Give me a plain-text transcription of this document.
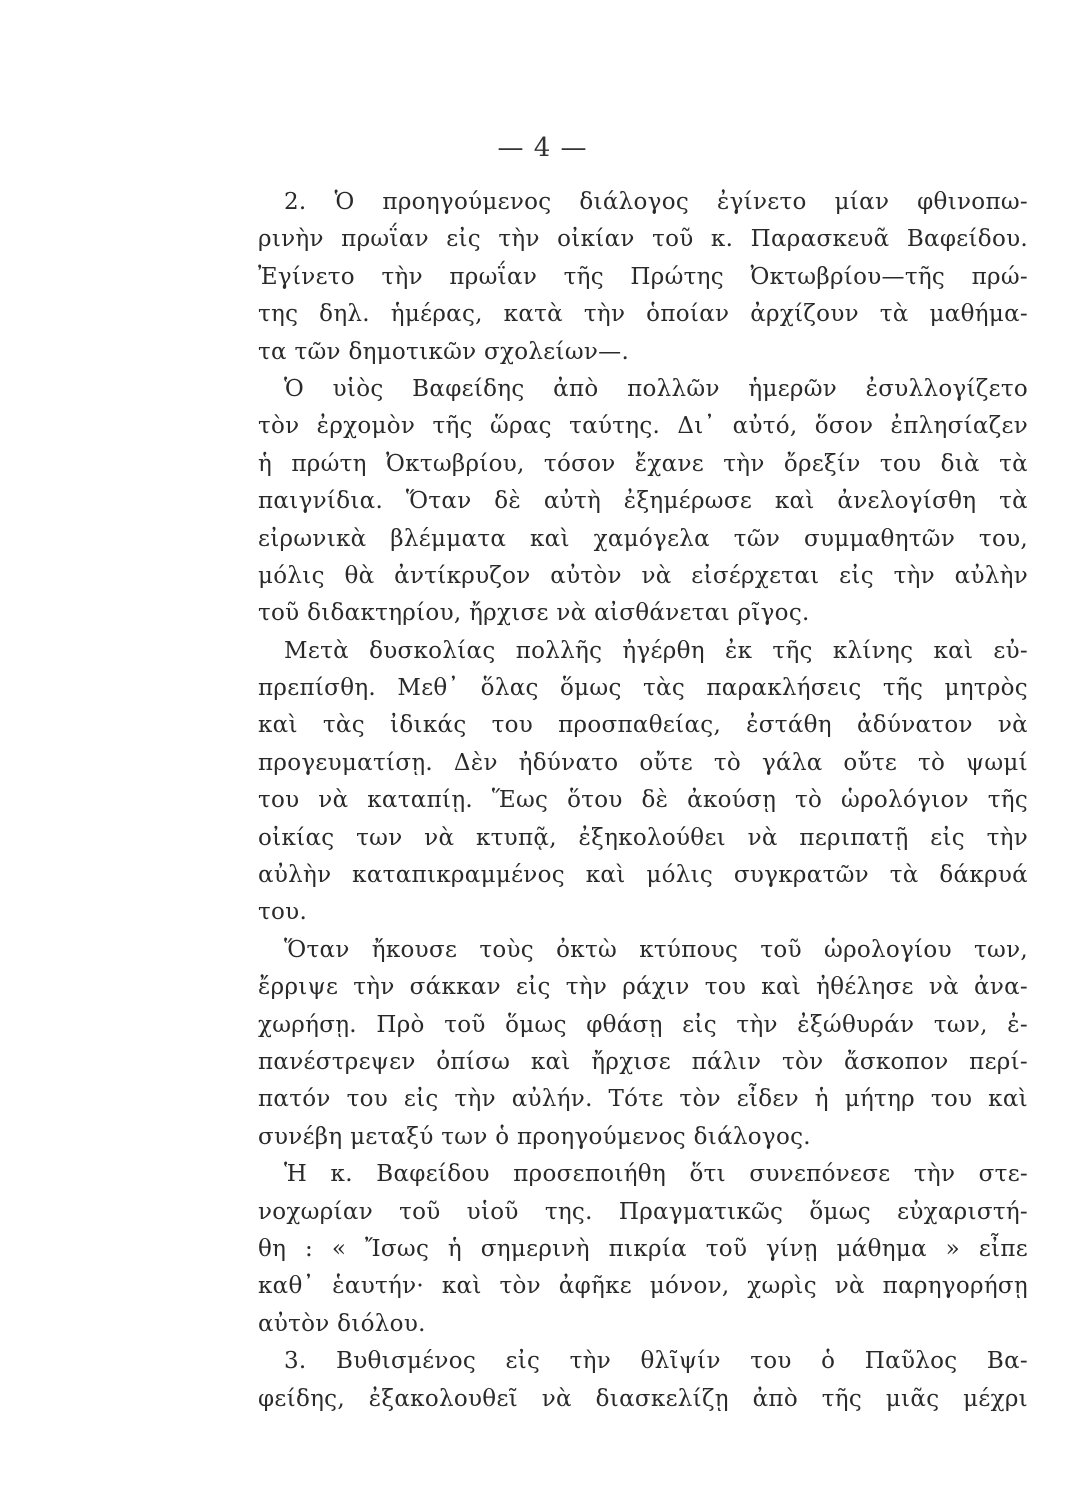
— 4 —
2. Ὁ προηγούμενος διάλογος ἐγίνετο μίαν φθινοπω-
ρινὴν πρωΐαν εἰς τὴν οἰκίαν τοῦ κ. Παρασκευᾶ Βαφείδου.
Ἐγίνετο τὴν πρωΐαν τῆς Πρώτης Ὀκτωβρίου—τῆς πρώ-
της δηλ. ἡμέρας, κατὰ τὴν ὁποίαν ἀρχίζουν τὰ μαθήμα-
τα τῶν δημοτικῶν σχολείων—.
Ὁ υἱὸς Βαφείδης ἀπὸ πολλῶν ἡμερῶν ἐσυλλογίζετο
τὸν ἐρχομὸν τῆς ὥρας ταύτης. Δι᾽ αὐτό, ὅσον ἐπλησίαζεν
ἡ πρώτη Ὀκτωβρίου, τόσον ἔχανε τὴν ὄρεξίν του διὰ τὰ
παιγνίδια. Ὅταν δὲ αὐτὴ ἐξημέρωσε καὶ ἀνελογίσθη τὰ
εἰρωνικὰ βλέμματα καὶ χαμόγελα τῶν συμμαθητῶν του,
μόλις θὰ ἀντίκρυζον αὐτὸν νὰ εἰσέρχεται εἰς τὴν αὐλὴν
τοῦ διδακτηρίου, ἤρχισε νὰ αἰσθάνεται ρῖγος.
Μετὰ δυσκολίας πολλῆς ἠγέρθη ἐκ τῆς κλίνης καὶ εὐ-
πρεπίσθη. Μεθ᾽ ὅλας ὅμως τὰς παρακλήσεις τῆς μητρὸς
καὶ τὰς ἰδικάς του προσπαθείας, ἐστάθη ἀδύνατον νὰ
προγευματίσῃ. Δὲν ἠδύνατο οὔτε τὸ γάλα οὔτε τὸ ψωμί
του νὰ καταπίῃ. Ἕως ὅτου δὲ ἀκούσῃ τὸ ὡρολόγιον τῆς
οἰκίας των νὰ κτυπᾷ, ἐξηκολούθει νὰ περιπατῇ εἰς τὴν
αὐλὴν καταπικραμμένος καὶ μόλις συγκρατῶν τὰ δάκρυά
του.
Ὅταν ἤκουσε τοὺς ὀκτὼ κτύπους τοῦ ὡρολογίου των,
ἔρριψε τὴν σάκκαν εἰς τὴν ράχιν του καὶ ἠθέλησε νὰ ἀνα-
χωρήσῃ. Πρὸ τοῦ ὅμως φθάσῃ εἰς τὴν ἐξώθυράν των, ἐ-
πανέστρεψεν ὀπίσω καὶ ἤρχισε πάλιν τὸν ἄσκοπον περί-
πατόν του εἰς τὴν αὐλήν. Τότε τὸν εἶδεν ἡ μήτηρ του καὶ
συνέβη μεταξύ των ὁ προηγούμενος διάλογος.
Ἡ κ. Βαφείδου προσεποιήθη ὅτι συνεπόνεσε τὴν στε-
νοχωρίαν τοῦ υἱοῦ της. Πραγματικῶς ὅμως εὐχαριστή-
θη : « Ἴσως ἡ σημερινὴ πικρία τοῦ γίνῃ μάθημα » εἶπε
καθ᾽ ἑαυτήν· καὶ τὸν ἀφῆκε μόνον, χωρὶς νὰ παρηγορήσῃ
αὐτὸν διόλου.
3. Βυθισμένος εἰς τὴν θλῖψίν του ὁ Παῦλος Βα-
φείδης, ἐξακολουθεῖ νὰ διασκελίζῃ ἀπὸ τῆς μιᾶς μέχρι
